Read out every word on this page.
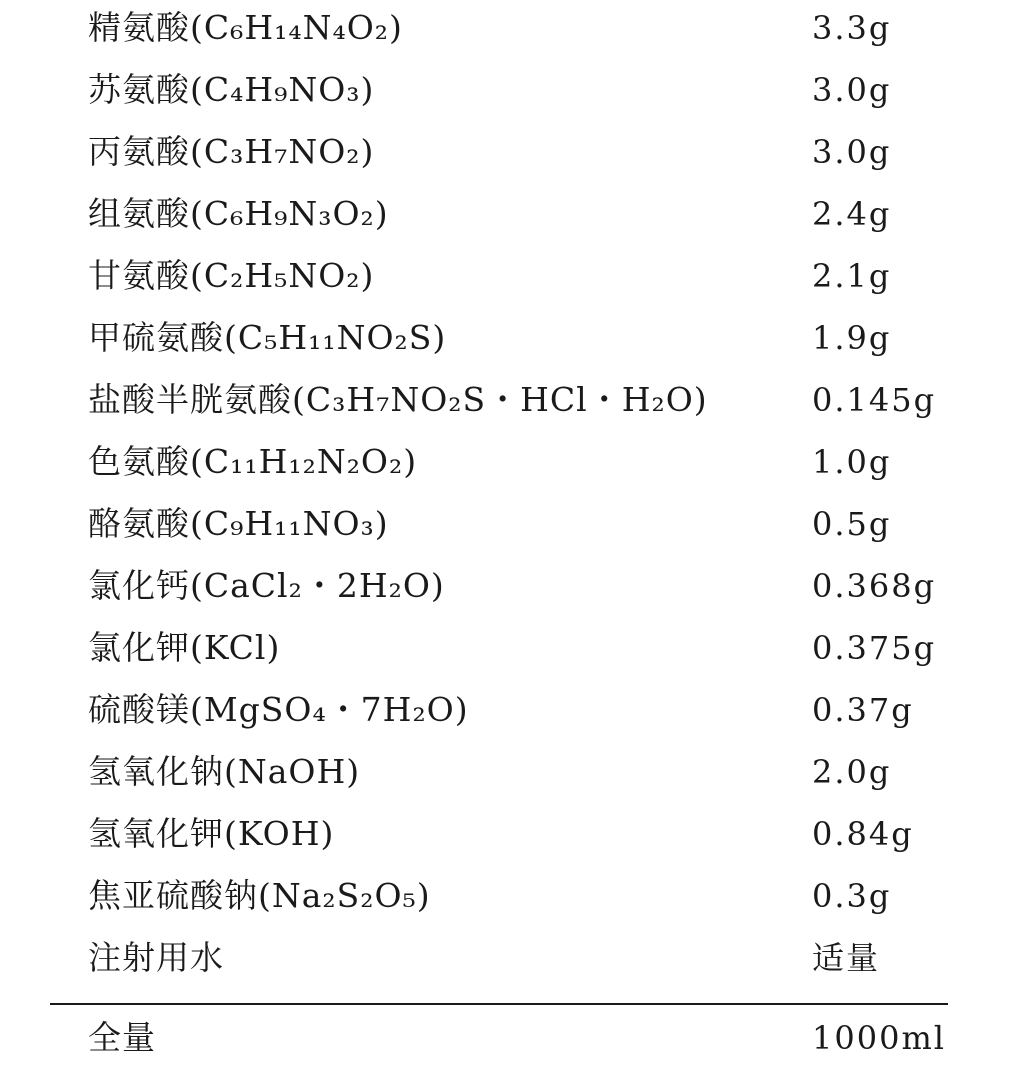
精氨酸(C₆H₁₄N₄O₂)	3.3g
苏氨酸(C₄H₉NO₃)	3.0g
丙氨酸(C₃H₇NO₂)	3.0g
组氨酸(C₆H₉N₃O₂)	2.4g
甘氨酸(C₂H₅NO₂)	2.1g
甲硫氨酸(C₅H₁₁NO₂S)	1.9g
盐酸半胱氨酸(C₃H₇NO₂S・HCl・H₂O)	0.145g
色氨酸(C₁₁H₁₂N₂O₂)	1.0g
酪氨酸(C₉H₁₁NO₃)	0.5g
氯化钙(CaCl₂・2H₂O)	0.368g
氯化钾(KCl)	0.375g
硫酸镁(MgSO₄・7H₂O)	0.37g
氢氧化钠(NaOH)	2.0g
氢氧化钾(KOH)	0.84g
焦亚硫酸钠(Na₂S₂O₅)	0.3g
注射用水	适量
全量	1000ml
